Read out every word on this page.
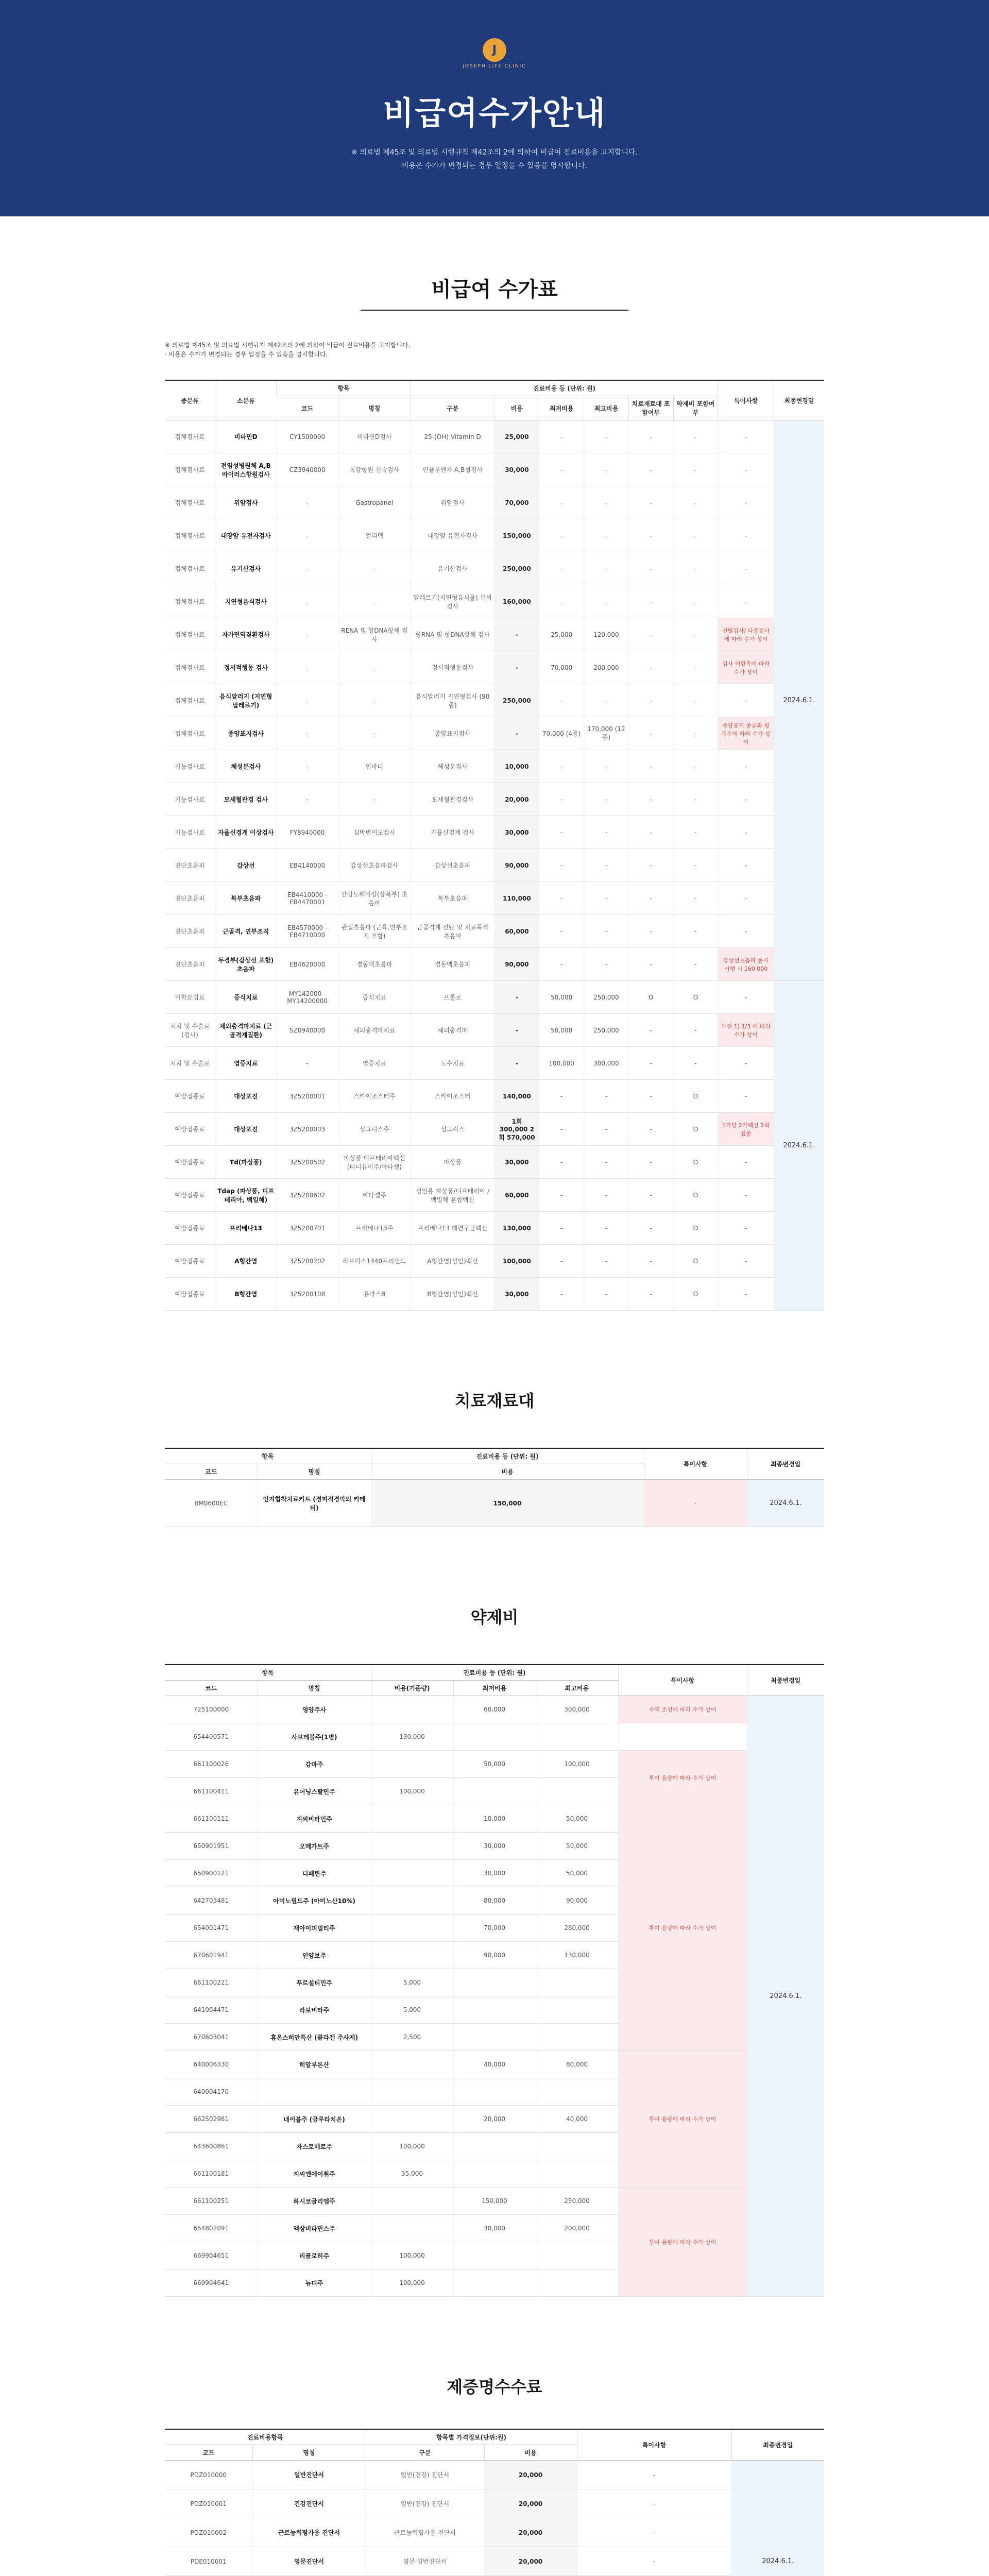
J
JOSEPH LIFE CLINIC
비급여수가안내

※ 의료법 제45조 및 의료법 시행규칙 제42조의 2에 의하여 비급여 진료비용을 고지합니다.

비용은 수가가 변경되는 경우 일정을 수 있음을 명시합니다.

비급여 수가표
※ 의료법 제45조 및 의료법 시행규칙 제42조의 2에 의하여 비급여 진료비용을 고지합니다.
· 비용은 수가가 변경되는 경우 일정을 수 있음을 명시합니다.
중분류	소분류	항목		진료비용 등 (단위: 원)						특이사항	최종변경일
		코드	명칭	구분	비용	최저비용	최고비용	치료재료대 포함여부	약제비 포함여부		
검체검사료	비타민D	CY1500000	비타민D검사	25-(OH) Vitamin D	25,000	-	-	-	-	-	2024.6.1.
검체검사료	전염성병원체 A,B 바이러스항원검사	CZ3940000	독감항원 신속검사	인플루엔자 A,B형검사	30,000	-	-	-	-	-	
검체검사료	위암검사	-	Gastropanel	위암검사	70,000	-	-	-	-	-	
검체검사료	대장암 유전자검사	-	얼리텍	대장암 유전자검사	150,000	-	-	-	-	-	
검체검사료	유기산검사	-	-	유기산검사	250,000	-	-	-	-	-	
검체검사료	지연형음식검사	-	-	알레르기(지연형음식물) 분석검사	160,000	-	-	-	-	-	
검체검사료	자가면역질환검사	-	RENA 및 항DNA항체 검사	항RNA 및 항DNA항체 검사	-	25,000	120,000	-	-	선별검사/ 다중검사에 따라 수가 상이	
검체검사료	정서적행동 검사	-	-	정서적행동검사	-	70,000	200,000	-	-	검사 이항목에 따라 수가 상이	
검체검사료	음식알러지 (지연형알레르기)	-	-	음식알러지 지연형검사 (90종)	250,000	-	-	-	-	-	
검체검사료	종양표지검사	-	-	종양표지검사	-	70,000 (4종)	170,000 (12종)	-	-	종양표지 종류와 항목수에 따라 수가 상이	
기능검사료	체성분검사	-	인바디	체성분검사	10,000	-	-	-	-	-	
기능검사료	모세혈관경 검사	-	-	모세혈관경검사	20,000	-	-	-	-	-	
기능검사료	자율신경계 이상검사	FY8940000	심박변이도검사	자율신경계 검사	30,000	-	-	-	-	-	
진단초음파	갑상선	EB4140000	갑상선초음파검사	갑상선초음파	90,000	-	-	-	-	-	
진단초음파	복부초음파	EB4410000 -EB4470001	간담도췌비장(상복부) 초음파	복부초음파	110,000	-	-	-	-	-	
진단초음파	근골격, 연부조직	EB4570000 -EB4710000	관절초음파 (근육,연부조직 포함)	근골격계 진단 및 치료목적 초음파	60,000	-	-	-	-	-	
진단초음파	두경부(갑상선 포함)초음파	EB4620000	경동맥초음파	경동맥초음파	90,000	-	-	-	-	갑상선초음파 동시 시행 시 160,000	
이학요법료	증식치료	MY142000 - MY14200000	증식치료	프롤로	-	50,000	250,000	O	O	-	2024.6.1.
처치 및 수술료(검사)	체외충격파치료 (근골격계질환)	SZ0940000	체외충격파치료	체외충격파	-	50,000	250,000	-	-	부위 1) 1/3 에 따라 수가 상이	
처치 및 수술료	염증치료	-	염증치료	도수치료	-	100,000	300,000	-	-	-	
예방접종료	대상포진	3Z5200001	스카이조스터주	스카이조스터	140,000	-	-	-	O	-	
예방접종료	대상포진	3Z5200003	싱그릭스주	싱그릭스	1회 300,000 2회 570,000	-	-	-	O	1가당 2가백신 2회 접종	
예방접종료	Td(파상풍)	3Z5200502	파상풍 디프테리아백신 (티디퓨어주/아다셀)	파상풍	30,000	-	-	-	O	-	
예방접종료	Tdap (파상풍, 디프테리아, 백일해)	3Z5200602	아다셀주	성인용 파상풍/디프테리아 /백일해 혼합백신	60,000	-	-	-	O	-	
예방접종료	프리베나13	3Z5200701	프리베나13주	프리베나13 폐렴구균백신	130,000	-	-	-	O	-	
예방접종료	A형간염	3Z5200202	하브릭스1440프리필드	A형간염(성인)백신	100,000	-	-	-	O	-	
예방접종료	B형간염	3Z5200108	유박스B	B형간염(성인)백신	30,000	-	-	-	O	-	
치료재료대
항목		진료비용 등 (단위: 원)	특이사항	최종변경일
코드	명칭	비용		
BM0600EC	인지협착치료키트 (경피적경막외 카테터)	150,000	-	2024.6.1.
약제비
항목		진료비용 등 (단위: 원)			특이사항	최종변경일
코드	명칭	비용(기준량)	최저비용	최고비용		
725100000	영양주사		60,000	300,000	수액 조성에 따라 수가 상이	2024.6.1.
654400571	사브데블주(1병)	130,000				
661100026	감마주		50,000	100,000	투여 용량에 따라 수가 상이	
661100411	유어닝스탈민주	100,000				
661100111	지씨비타민주		10,000	50,000	투여 용량에 따라 수가 상이	
650901951	오메가트주		30,000	50,000		
650900121	디페틴주		30,000	50,000		
642703481	아미노필드주 (아미노산10%)		80,000	90,000		
654001471	재아이피멀티주		70,000	280,000		
670601941	인양보주		90,000	130,000		
661100221	푸르설티민주	5,000				
641004471	라보비타주	5,000				
670603041	휴온스히안특산 (콜라겐 주사제)	2,500				
640006330	히알루론산		40,000	80,000	투여 용량에 따라 수가 상이	
640004170						
662502981	네이블주 (글루타치온)		20,000	40,000		
643600861	자스토메토주	100,000				
661100181	지씨엔에이취주	35,000				
661100251	하시코글리엠주		150,000	250,000	투여 용량에 따라 수가 상이	
654802091	액상비타민스주		30,000	200,000		
669904651	리플로히주	100,000				
669904641	뉴디주	100,000				
제증명수수료
진료비용항목		항목별 가격정보(단위:원)		특이사항	최종변경일
코드	명칭	구분	비용		
PDZ010000	일반진단서	일반(건강) 진단서	20,000	-	2024.6.1.
PDZ010001	건강진단서	일반(건강) 진단서	20,000	-	
PDZ010002	근로능력평가용 진단서	근로능력평가용 진단서	20,000	-	
PDE010001	영문진단서	영문 일반진단서	20,000	-	
